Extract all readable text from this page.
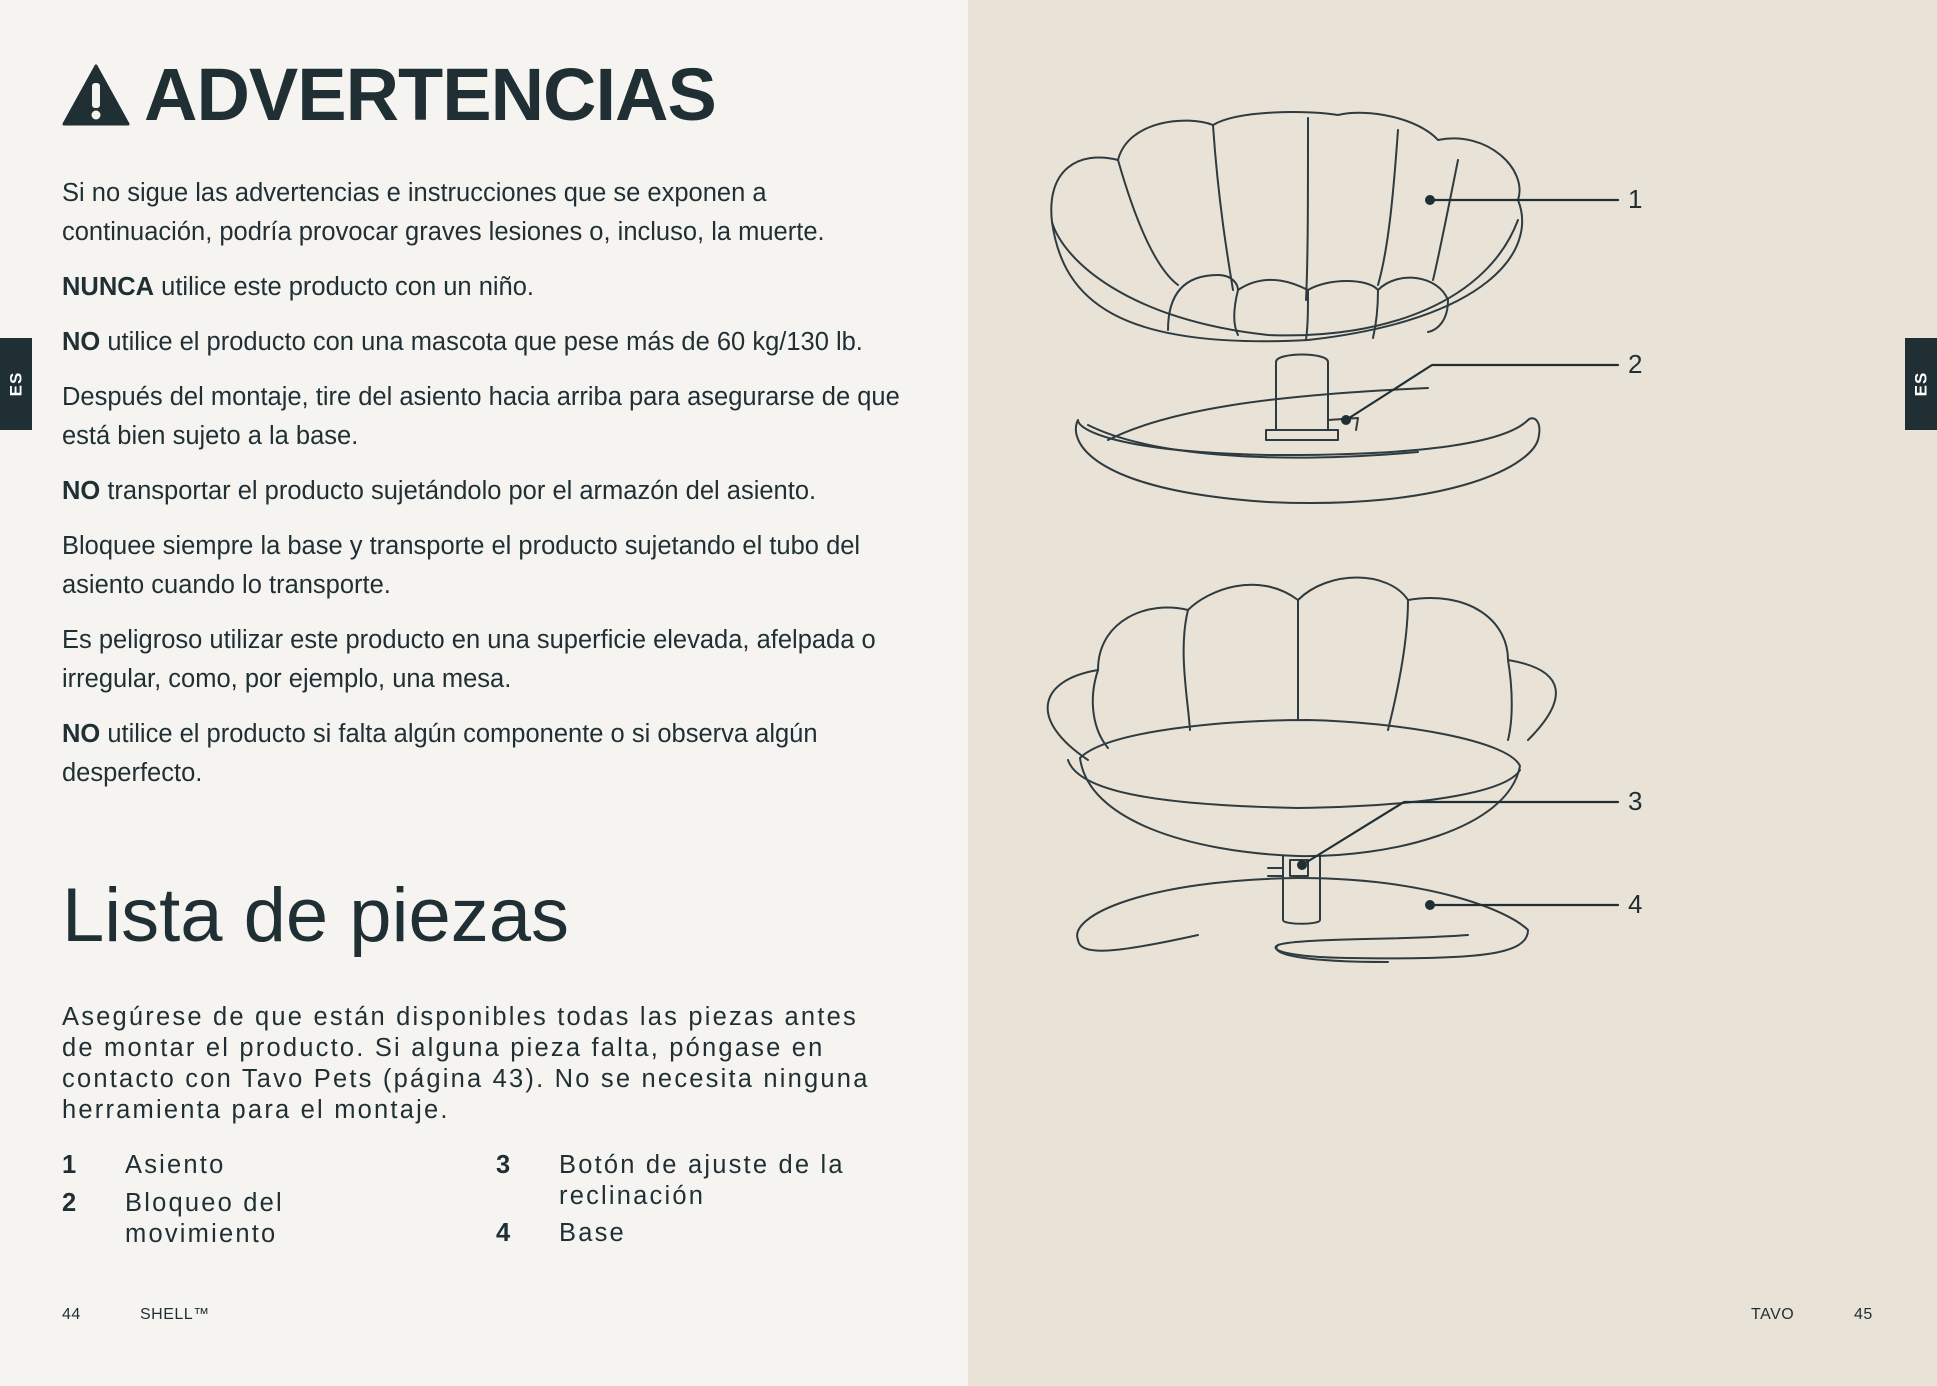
ES	ES
ADVERTENCIAS

Si no sigue las advertencias e instrucciones que se exponen a continuación, podría provocar graves lesiones o, incluso, la muerte.

NUNCA utilice este producto con un niño.

NO utilice el producto con una mascota que pese más de 60 kg/130 lb.

Después del montaje, tire del asiento hacia arriba para asegurarse de que está bien sujeto a la base.

NO transportar el producto sujetándolo por el armazón del asiento.

Bloquee siempre la base y transporte el producto sujetando el tubo del asiento cuando lo transporte.

Es peligroso utilizar este producto en una superficie elevada, afelpada o irregular, como, por ejemplo, una mesa.

NO utilice el producto si falta algún componente o si observa algún desperfecto.

Lista de piezas
Asegúrese de que están disponibles todas las piezas antes de montar el producto. Si alguna pieza falta, póngase en contacto con Tavo Pets (página 43). No se necesita ninguna herramienta para el montaje.
1	Asiento
2	Bloqueo del movimiento
3	Botón de ajuste de la reclinación
4	Base
1
2
3
4
44	SHELL™	TAVO	45
